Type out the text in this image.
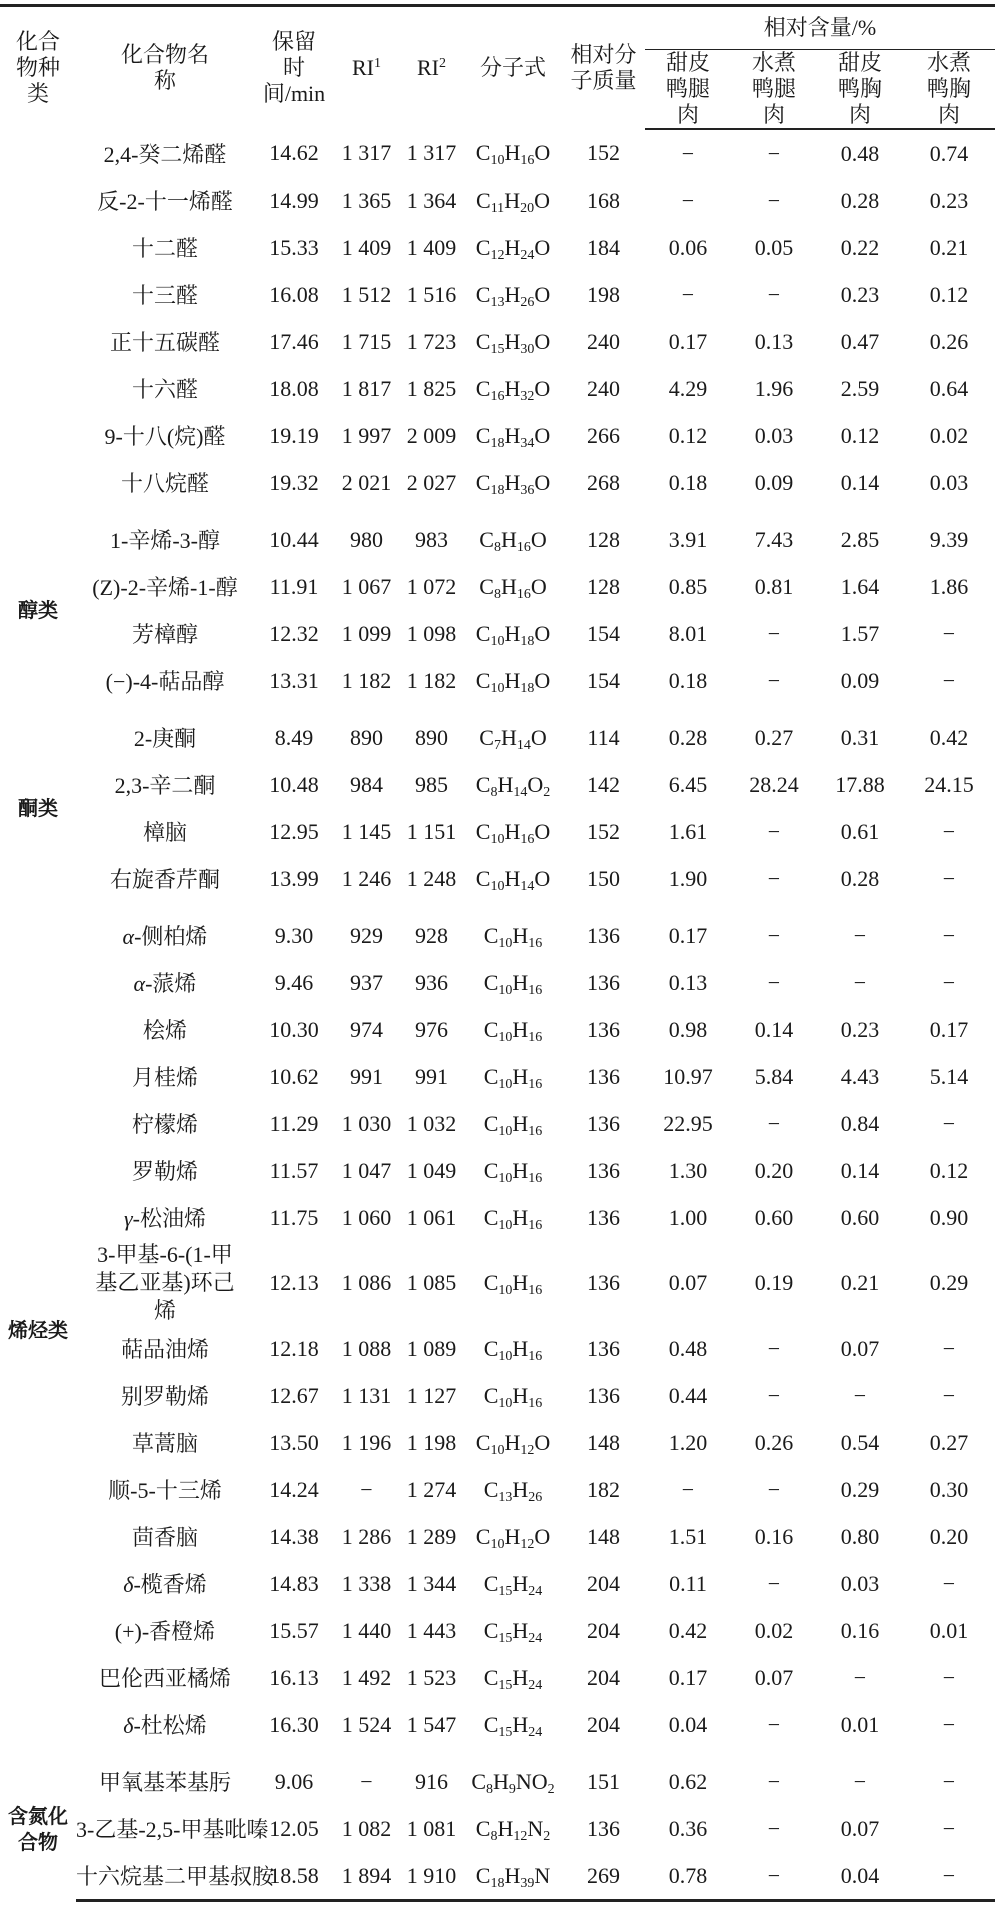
化合物种类	化合物名称	保留时间/min	$RI^1$	$RI^2$	分子式	相对分子质量	相对含量/%			
							甜皮鸭腿肉	水煮鸭腿肉	甜皮鸭胸肉	水煮鸭胸肉
	2,4-癸二烯醛	14.62	1 317	1 317	$C_{10}H_{16}O$	152	−	−	0.48	0.74
	反-2-十一烯醛	14.99	1 365	1 364	$C_{11}H_{20}O$	168	−	−	0.28	0.23
	十二醛	15.33	1 409	1 409	$C_{12}H_{24}O$	184	0.06	0.05	0.22	0.21
	十三醛	16.08	1 512	1 516	$C_{13}H_{26}O$	198	−	−	0.23	0.12
	正十五碳醛	17.46	1 715	1 723	$C_{15}H_{30}O$	240	0.17	0.13	0.47	0.26
	十六醛	18.08	1 817	1 825	$C_{16}H_{32}O$	240	4.29	1.96	2.59	0.64
	9-十八(烷)醛	19.19	1 997	2 009	$C_{18}H_{34}O$	266	0.12	0.03	0.12	0.02
	十八烷醛	19.32	2 021	2 027	$C_{18}H_{36}O$	268	0.18	0.09	0.14	0.03
醇类	1-辛烯-3-醇	10.44	980	983	$C_8H_{16}O$	128	3.91	7.43	2.85	9.39
	(Z)-2-辛烯-1-醇	11.91	1 067	1 072	$C_8H_{16}O$	128	0.85	0.81	1.64	1.86
	芳樟醇	12.32	1 099	1 098	$C_{10}H_{18}O$	154	8.01	−	1.57	−
	(−)-4-萜品醇	13.31	1 182	1 182	$C_{10}H_{18}O$	154	0.18	−	0.09	−
酮类	2-庚酮	8.49	890	890	$C_7H_{14}O$	114	0.28	0.27	0.31	0.42
	2,3-辛二酮	10.48	984	985	$C_8H_{14}O_2$	142	6.45	28.24	17.88	24.15
	樟脑	12.95	1 145	1 151	$C_{10}H_{16}O$	152	1.61	−	0.61	−
	右旋香芹酮	13.99	1 246	1 248	$C_{10}H_{14}O$	150	1.90	−	0.28	−
烯烃类	α-侧柏烯	9.30	929	928	$C_{10}H_{16}$	136	0.17	−	−	−
	α-蒎烯	9.46	937	936	$C_{10}H_{16}$	136	0.13	−	−	−
	桧烯	10.30	974	976	$C_{10}H_{16}$	136	0.98	0.14	0.23	0.17
	月桂烯	10.62	991	991	$C_{10}H_{16}$	136	10.97	5.84	4.43	5.14
	柠檬烯	11.29	1 030	1 032	$C_{10}H_{16}$	136	22.95	−	0.84	−
	罗勒烯	11.57	1 047	1 049	$C_{10}H_{16}$	136	1.30	0.20	0.14	0.12
	γ-松油烯	11.75	1 060	1 061	$C_{10}H_{16}$	136	1.00	0.60	0.60	0.90
	3-甲基-6-(1-甲基乙亚基)环己烯	12.13	1 086	1 085	$C_{10}H_{16}$	136	0.07	0.19	0.21	0.29
	萜品油烯	12.18	1 088	1 089	$C_{10}H_{16}$	136	0.48	−	0.07	−
	别罗勒烯	12.67	1 131	1 127	$C_{10}H_{16}$	136	0.44	−	−	−
	草蒿脑	13.50	1 196	1 198	$C_{10}H_{12}O$	148	1.20	0.26	0.54	0.27
	顺-5-十三烯	14.24	−	1 274	$C_{13}H_{26}$	182	−	−	0.29	0.30
	茴香脑	14.38	1 286	1 289	$C_{10}H_{12}O$	148	1.51	0.16	0.80	0.20
	δ-榄香烯	14.83	1 338	1 344	$C_{15}H_{24}$	204	0.11	−	0.03	−
	(+)-香橙烯	15.57	1 440	1 443	$C_{15}H_{24}$	204	0.42	0.02	0.16	0.01
	巴伦西亚橘烯	16.13	1 492	1 523	$C_{15}H_{24}$	204	0.17	0.07	−	−
	δ-杜松烯	16.30	1 524	1 547	$C_{15}H_{24}$	204	0.04	−	0.01	−
含氮化合物	甲氧基苯基肟	9.06	−	916	$C_8H_9NO_2$	151	0.62	−	−	−
	3-乙基-2,5-甲基吡嗪	12.05	1 082	1 081	$C_8H_{12}N_2$	136	0.36	−	0.07	−
	十六烷基二甲基叔胺	18.58	1 894	1 910	$C_{18}H_{39}N$	269	0.78	−	0.04	−
